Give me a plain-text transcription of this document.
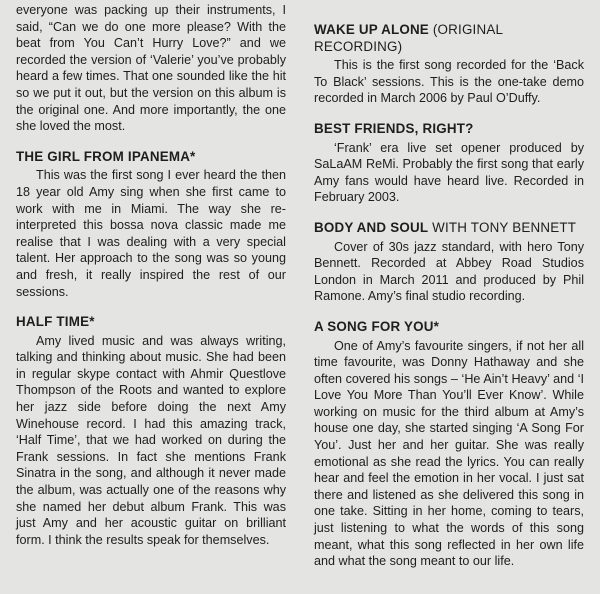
everyone was packing up their instruments, I said, “Can we do one more please? With the beat from You Can’t Hurry Love?” and we recorded the version of ‘Valerie’ you’ve probably heard a few times. That one sounded like the hit so we put it out, but the version on this album is the original one. And more importantly, the one she loved the most.

THE GIRL FROM IPANEMA*

This was the first song I ever heard the then 18 year old Amy sing when she first came to work with me in Miami. The way she re-interpreted this bossa nova classic made me realise that I was dealing with a very special talent. Her approach to the song was so young and fresh, it really inspired the rest of our sessions.

HALF TIME*

Amy lived music and was always writing, talking and thinking about music. She had been in regular skype contact with Ahmir Questlove Thompson of the Roots and wanted to explore her jazz side before doing the next Amy Winehouse record. I had this amazing track, ‘Half Time’, that we had worked on during the Frank sessions. In fact she mentions Frank Sinatra in the song, and although it never made the album, was actually one of the reasons why she named her debut album Frank. This was just Amy and her acoustic guitar on brilliant form. I think the results speak for themselves.

WAKE UP ALONE (ORIGINAL RECORDING)

This is the first song recorded for the ‘Back To Black’ sessions. This is the one-take demo recorded in March 2006 by Paul O’Duffy.

BEST FRIENDS, RIGHT?

‘Frank’ era live set opener produced by SaLaAM ReMi. Probably the first song that early Amy fans would have heard live. Recorded in February 2003.

BODY AND SOUL WITH TONY BENNETT

Cover of 30s jazz standard, with hero Tony Bennett. Recorded at Abbey Road Studios London in March 2011 and produced by Phil Ramone. Amy’s final studio recording.

A SONG FOR YOU*

One of Amy’s favourite singers, if not her all time favourite, was Donny Hathaway and she often covered his songs – ‘He Ain’t Heavy’ and ‘I Love You More Than You’ll Ever Know’. While working on music for the third album at Amy’s house one day, she started singing ‘A Song For You’. Just her and her guitar. She was really emotional as she read the lyrics. You can really hear and feel the emotion in her vocal. I just sat there and listened as she delivered this song in one take. Sitting in her home, coming to tears, just listening to what the words of this song meant, what this song reflected in her own life and what the song meant to our life.
